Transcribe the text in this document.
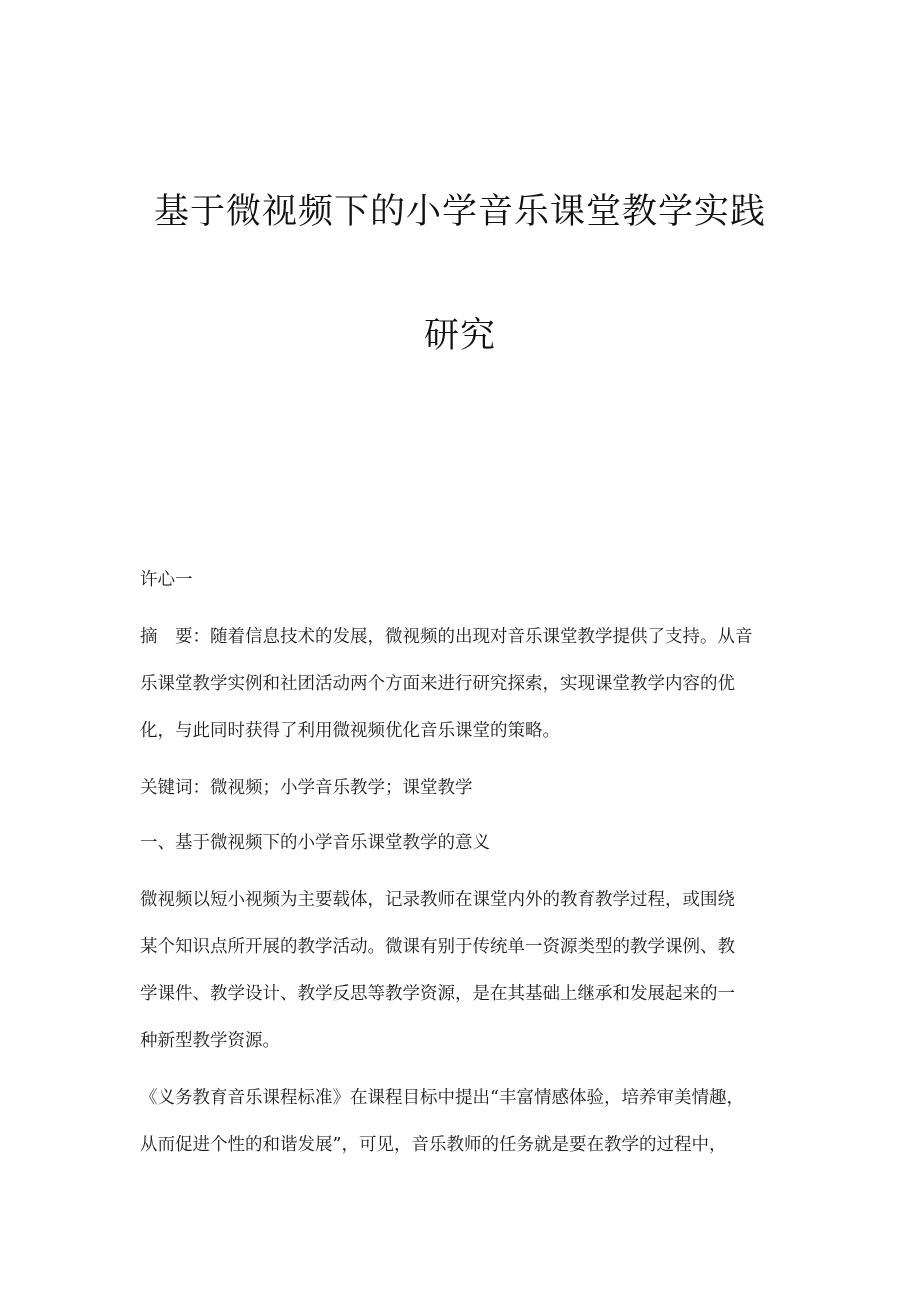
基于微视频下的小学音乐课堂教学实践
研究

许心一

摘　要：随着信息技术的发展，微视频的出现对音乐课堂教学提供了支持。从音

乐课堂教学实例和社团活动两个方面来进行研究探索，实现课堂教学内容的优

化，与此同时获得了利用微视频优化音乐课堂的策略。

关键词：微视频；小学音乐教学；课堂教学

一、基于微视频下的小学音乐课堂教学的意义

微视频以短小视频为主要载体，记录教师在课堂内外的教育教学过程，或围绕

某个知识点所开展的教学活动。微课有别于传统单一资源类型的教学课例、教

学课件、教学设计、教学反思等教学资源，是在其基础上继承和发展起来的一

种新型教学资源。

《义务教育音乐课程标准》在课程目标中提出“丰富情感体验，培养审美情趣，

从而促进个性的和谐发展”，可见，音乐教师的任务就是要在教学的过程中，
